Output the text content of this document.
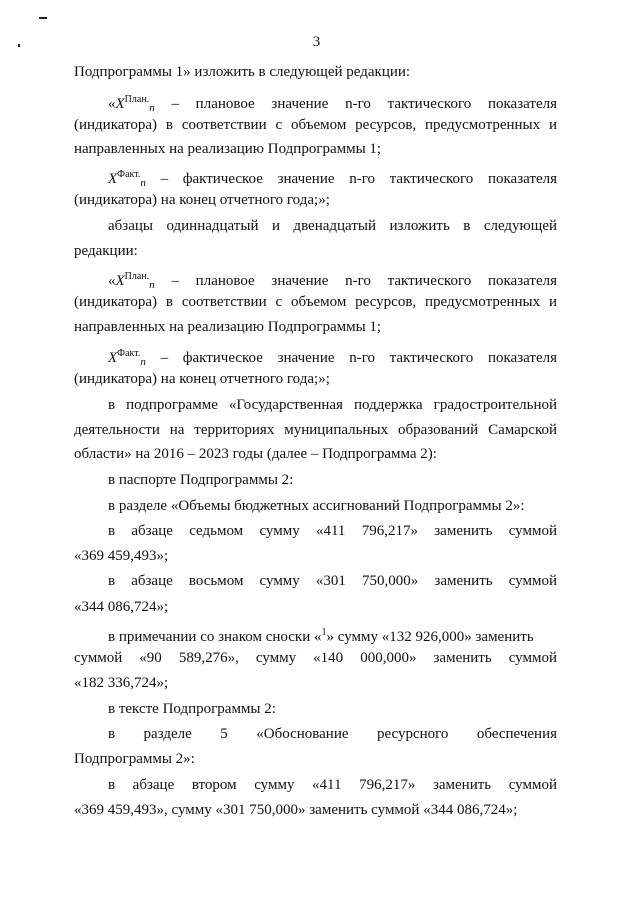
3
Подпрограммы 1» изложить в следующей редакции:
«$X^{План.}_n$ – плановое значение n-го тактического показателя
(индикатора) в соответствии с объемом ресурсов, предусмотренных и
направленных на реализацию Подпрограммы 1;
$X^{Факт.}_n$ – фактическое значение n-го тактического показателя
(индикатора) на конец отчетного года;»;
абзацы одиннадцатый и двенадцатый изложить в следующей
редакции:
«$X^{План.}_n$ – плановое значение n-го тактического показателя
(индикатора) в соответствии с объемом ресурсов, предусмотренных и
направленных на реализацию Подпрограммы 1;
$X^{Факт.}_n$ – фактическое значение n-го тактического показателя
(индикатора) на конец отчетного года;»;
в подпрограмме «Государственная поддержка градостроительной
деятельности на территориях муниципальных образований Самарской
области» на 2016 – 2023 годы (далее – Подпрограмма 2):
в паспорте Подпрограммы 2:
в разделе «Объемы бюджетных ассигнований Подпрограммы 2»:
в абзаце седьмом сумму «411 796,217» заменить суммой
«369 459,493»;
в абзаце восьмом сумму «301 750,000» заменить суммой
«344 086,724»;
в примечании со знаком сноски «$^1$» сумму «132 926,000» заменить
суммой «90 589,276», сумму «140 000,000» заменить суммой
«182 336,724»;
в тексте Подпрограммы 2:
в разделе 5 «Обоснование ресурсного обеспечения
Подпрограммы 2»:
в абзаце втором сумму «411 796,217» заменить суммой
«369 459,493», сумму «301 750,000» заменить суммой «344 086,724»;
